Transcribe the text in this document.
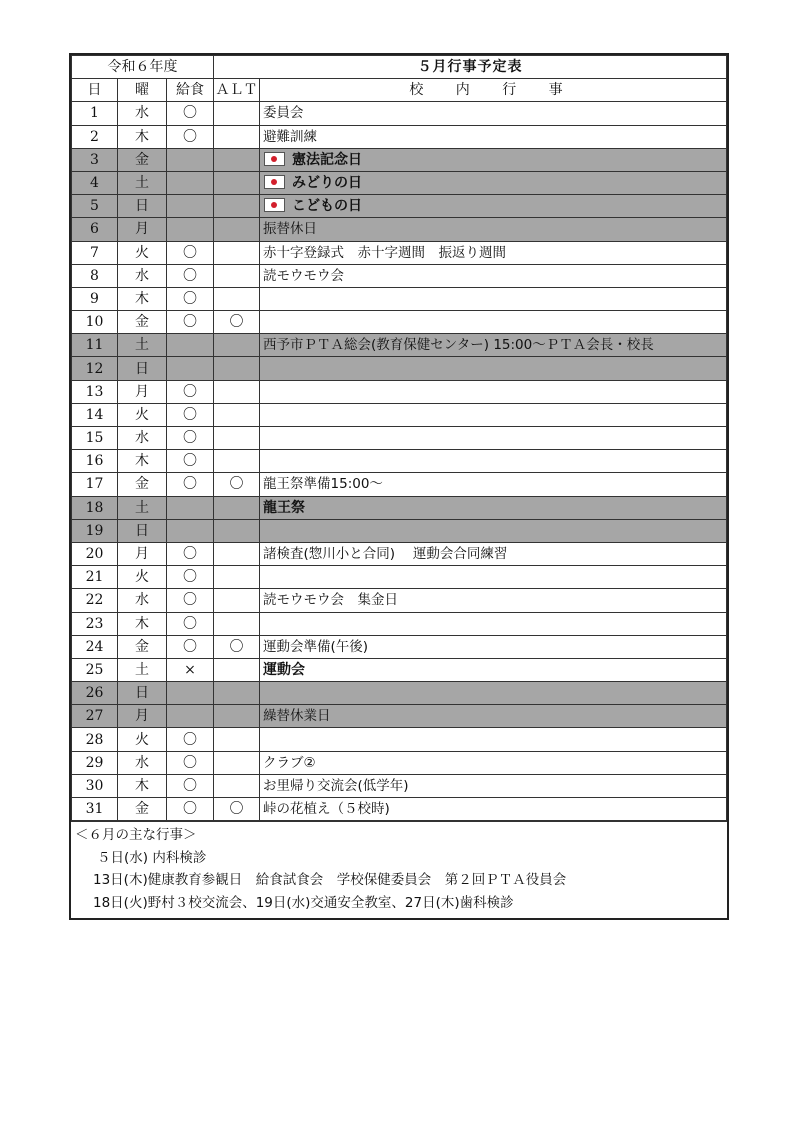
令和６年度			５月行事予定表	
日	曜	給食	ＡＬＴ	校 内 行 事
1	水	〇		委員会
2	木	〇		避難訓練
3	金			憲法記念日
4	土			みどりの日
5	日			こどもの日
6	月			振替休日
7	火	〇		赤十字登録式　赤十字週間　振返り週間
8	水	〇		読モウモウ会
9	木	〇		
10	金	〇	〇	
11	土			西予市ＰＴＡ総会(教育保健センター) 15:00～ＰＴＡ会長・校長
12	日			
13	月	〇		
14	火	〇		
15	水	〇		
16	木	〇		
17	金	〇	〇	龍王祭準備15:00～
18	土			龍王祭
19	日			
20	月	〇		諸検査(惣川小と合同)　 運動会合同練習
21	火	〇		
22	水	〇		読モウモウ会　集金日
23	木	〇		
24	金	〇	〇	運動会準備(午後)
25	土	×		運動会
26	日			
27	月			繰替休業日
28	火	〇		
29	水	〇		クラブ②
30	木	〇		お里帰り交流会(低学年)
31	金	〇	〇	峠の花植え（５校時)
＜６月の主な行事＞
５日(水) 内科検診
13日(木)健康教育参観日　給食試食会　学校保健委員会　第２回ＰＴＡ役員会
18日(火)野村３校交流会、19日(水)交通安全教室、27日(木)歯科検診
